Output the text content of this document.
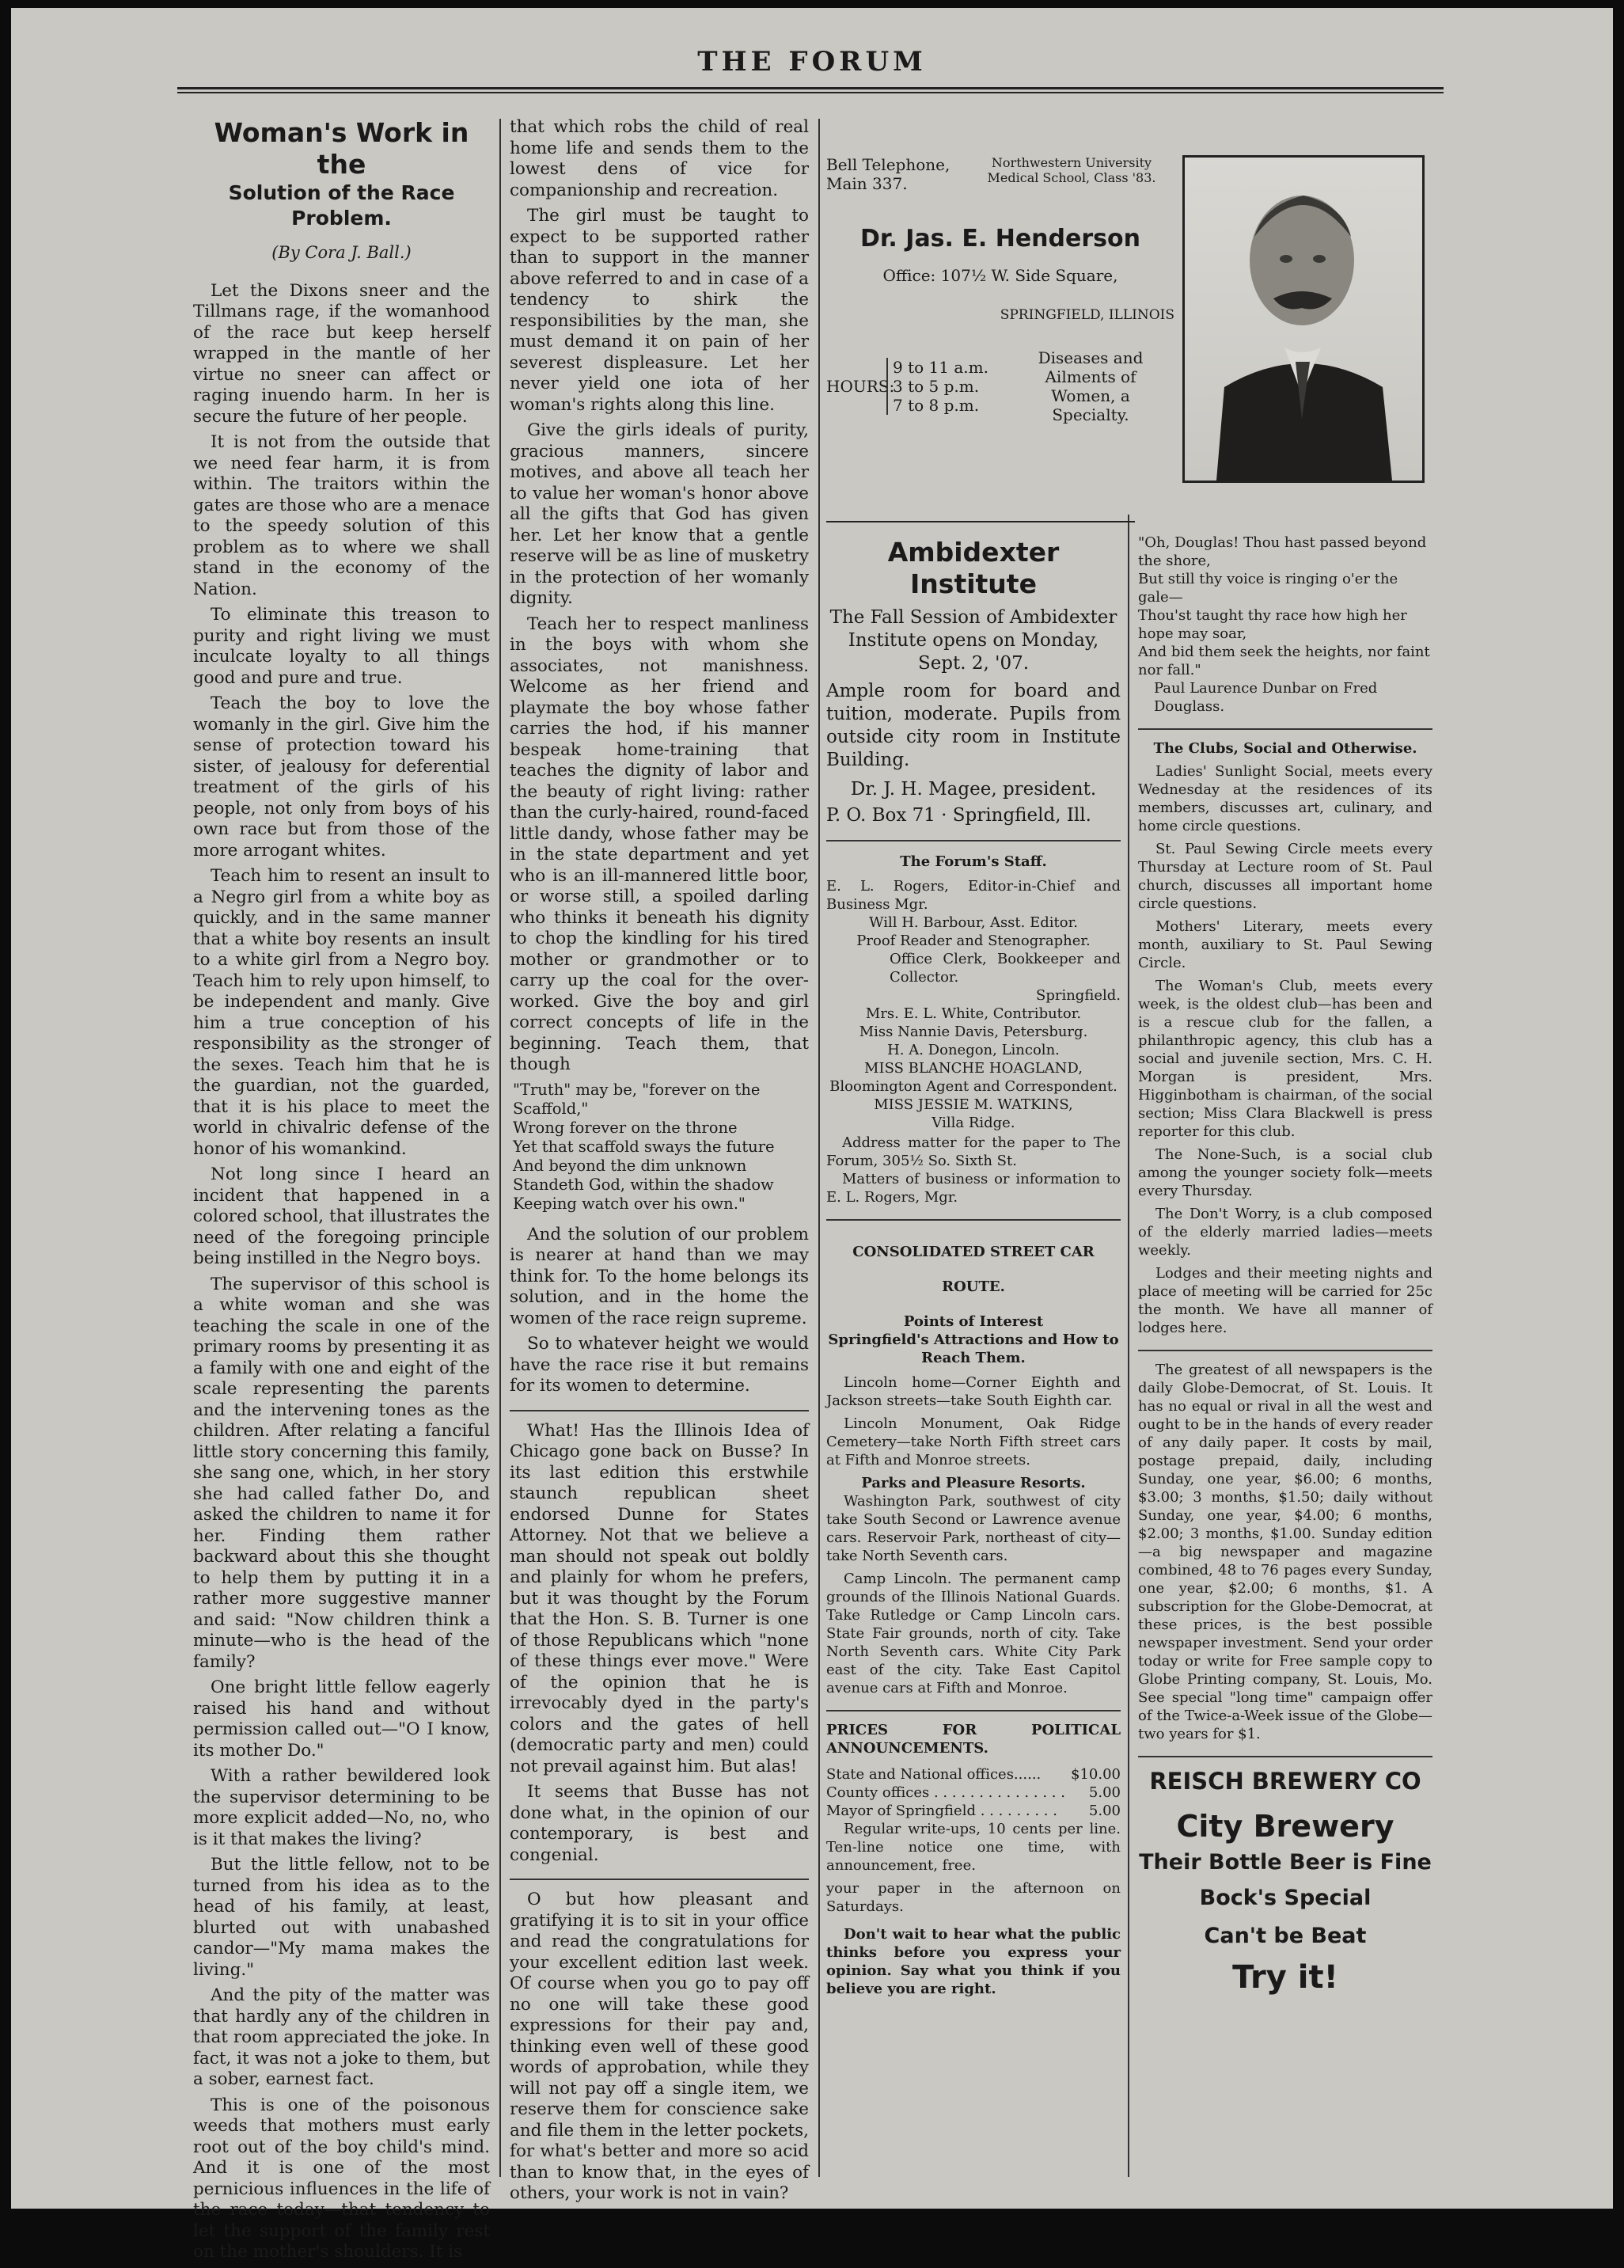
THE FORUM
Woman's Work in the
Solution of the Race Problem.
(By Cora J. Ball.)

Let the Dixons sneer and the Tillmans rage, if the womanhood of the race but keep herself wrapped in the mantle of her virtue no sneer can affect or raging inuendo harm. In her is secure the future of her people.

It is not from the outside that we need fear harm, it is from within. The traitors within the gates are those who are a menace to the speedy solution of this problem as to where we shall stand in the economy of the Nation.

To eliminate this treason to purity and right living we must inculcate loyalty to all things good and pure and true.

Teach the boy to love the womanly in the girl. Give him the sense of protection toward his sister, of jealousy for deferential treatment of the girls of his people, not only from boys of his own race but from those of the more arrogant whites.

Teach him to resent an insult to a Negro girl from a white boy as quickly, and in the same manner that a white boy resents an insult to a white girl from a Negro boy. Teach him to rely upon himself, to be independent and manly. Give him a true conception of his responsibility as the stronger of the sexes. Teach him that he is the guardian, not the guarded, that it is his place to meet the world in chivalric defense of the honor of his womankind.

Not long since I heard an incident that happened in a colored school, that illustrates the need of the foregoing principle being instilled in the Negro boys.

The supervisor of this school is a white woman and she was teaching the scale in one of the primary rooms by presenting it as a family with one and eight of the scale representing the parents and the intervening tones as the children. After relating a fanciful little story concerning this family, she sang one, which, in her story she had called father Do, and asked the children to name it for her. Finding them rather backward about this she thought to help them by putting it in a rather more suggestive manner and said: "Now children think a minute—who is the head of the family?

One bright little fellow eagerly raised his hand and without permission called out—"O I know, its mother Do."

With a rather bewildered look the supervisor determining to be more explicit added—No, no, who is it that makes the living?

But the little fellow, not to be turned from his idea as to the head of his family, at least, blurted out with unabashed candor—"My mama makes the living."

And the pity of the matter was that hardly any of the children in that room appreciated the joke. In fact, it was not a joke to them, but a sober, earnest fact.

This is one of the poisonous weeds that mothers must early root out of the boy child's mind. And it is one of the most pernicious influences in the life of the race today—that tendency to let the support of the family rest on the mother's shoulders. It is

that which robs the child of real home life and sends them to the lowest dens of vice for companionship and recreation.

The girl must be taught to expect to be supported rather than to support in the manner above referred to and in case of a tendency to shirk the responsibilities by the man, she must demand it on pain of her severest displeasure. Let her never yield one iota of her woman's rights along this line.

Give the girls ideals of purity, gracious manners, sincere motives, and above all teach her to value her woman's honor above all the gifts that God has given her. Let her know that a gentle reserve will be as line of musketry in the protection of her womanly dignity.

Teach her to respect manliness in the boys with whom she associates, not manishness. Welcome as her friend and playmate the boy whose father carries the hod, if his manner bespeak home-training that teaches the dignity of labor and the beauty of right living: rather than the curly-haired, round-faced little dandy, whose father may be in the state department and yet who is an ill-mannered little boor, or worse still, a spoiled darling who thinks it beneath his dignity to chop the kindling for his tired mother or grandmother or to carry up the coal for the over-worked. Give the boy and girl correct concepts of life in the beginning. Teach them, that though

"Truth" may be, "forever on the Scaffold,"
Wrong forever on the throne
Yet that scaffold sways the future
And beyond the dim unknown
Standeth God, within the shadow
Keeping watch over his own."

And the solution of our problem is nearer at hand than we may think for. To the home belongs its solution, and in the home the women of the race reign supreme.

So to whatever height we would have the race rise it but remains for its women to determine.

What! Has the Illinois Idea of Chicago gone back on Busse? In its last edition this erstwhile staunch republican sheet endorsed Dunne for States Attorney. Not that we believe a man should not speak out boldly and plainly for whom he prefers, but it was thought by the Forum that the Hon. S. B. Turner is one of those Republicans which "none of these things ever move." Were of the opinion that he is irrevocably dyed in the party's colors and the gates of hell (democratic party and men) could not prevail against him. But alas!

It seems that Busse has not done what, in the opinion of our contemporary, is best and congenial.

O but how pleasant and gratifying it is to sit in your office and read the congratulations for your excellent edition last week. Of course when you go to pay off no one will take these good expressions for their pay and, thinking even well of these good words of approbation, while they will not pay off a single item, we reserve them for conscience sake and file them in the letter pockets, for what's better and more so acid than to know that, in the eyes of others, your work is not in vain?

Bell Telephone, Main 337.
Northwestern University Medical School, Class '83.
Dr. Jas. E. Henderson
Office: 107½ W. Side Square,
SPRINGFIELD, ILLINOIS
HOURS:
9 to 11 a.m.
3 to 5 p.m.
7 to 8 p.m.
Diseases and Ailments of Women, a Specialty.
Ambidexter Institute
The Fall Session of Ambidexter Institute opens on Monday, Sept. 2, '07.
Ample room for board and tuition, moderate. Pupils from outside city room in Institute Building.
Dr. J. H. Magee, president.
P. O. Box 71 · Springfield, Ill.
The Forum's Staff.
E. L. Rogers, Editor-in-Chief and Business Mgr.
Will H. Barbour, Asst. Editor.
Proof Reader and Stenographer.
Office Clerk, Bookkeeper and Collector.
Springfield.
Mrs. E. L. White, Contributor.
Miss Nannie Davis, Petersburg.
H. A. Donegon, Lincoln.
MISS BLANCHE HOAGLAND,
Bloomington Agent and Correspondent.
MISS JESSIE M. WATKINS,
Villa Ridge.
Address matter for the paper to The Forum, 305½ So. Sixth St.
Matters of business or information to E. L. Rogers, Mgr.
CONSOLIDATED STREET CAR ROUTE.
Points of Interest
Springfield's Attractions and How to Reach Them.

Lincoln home—Corner Eighth and Jackson streets—take South Eighth car.

Lincoln Monument, Oak Ridge Cemetery—take North Fifth street cars at Fifth and Monroe streets.

Parks and Pleasure Resorts.

Washington Park, southwest of city take South Second or Lawrence avenue cars. Reservoir Park, northeast of city—take North Seventh cars.

Camp Lincoln. The permanent camp grounds of the Illinois National Guards. Take Rutledge or Camp Lincoln cars. State Fair grounds, north of city. Take North Seventh cars. White City Park east of the city. Take East Capitol avenue cars at Fifth and Monroe.

PRICES FOR POLITICAL ANNOUNCEMENTS.
State and National offices...... $10.00
County offices . . . . . . . . . . . . . . . 5.00
Mayor of Springfield . . . . . . . . . 5.00

Regular write-ups, 10 cents per line. Ten-line notice one time, with announcement, free.

your paper in the afternoon on Saturdays.

Don't wait to hear what the public thinks before you express your opinion. Say what you think if you believe you are right.

"Oh, Douglas! Thou hast passed beyond the shore,
But still thy voice is ringing o'er the gale—
Thou'st taught thy race how high her hope may soar,
And bid them seek the heights, nor faint nor fall."
Paul Laurence Dunbar on Fred Douglass.
The Clubs, Social and Otherwise.

Ladies' Sunlight Social, meets every Wednesday at the residences of its members, discusses art, culinary, and home circle questions.

St. Paul Sewing Circle meets every Thursday at Lecture room of St. Paul church, discusses all important home circle questions.

Mothers' Literary, meets every month, auxiliary to St. Paul Sewing Circle.

The Woman's Club, meets every week, is the oldest club—has been and is a rescue club for the fallen, a philanthropic agency, this club has a social and juvenile section, Mrs. C. H. Morgan is president, Mrs. Higginbotham is chairman, of the social section; Miss Clara Blackwell is press reporter for this club.

The None-Such, is a social club among the younger society folk—meets every Thursday.

The Don't Worry, is a club composed of the elderly married ladies—meets weekly.

Lodges and their meeting nights and place of meeting will be carried for 25c the month. We have all manner of lodges here.

The greatest of all newspapers is the daily Globe-Democrat, of St. Louis. It has no equal or rival in all the west and ought to be in the hands of every reader of any daily paper. It costs by mail, postage prepaid, daily, including Sunday, one year, $6.00; 6 months, $3.00; 3 months, $1.50; daily without Sunday, one year, $4.00; 6 months, $2.00; 3 months, $1.00. Sunday edition—a big newspaper and magazine combined, 48 to 76 pages every Sunday, one year, $2.00; 6 months, $1. A subscription for the Globe-Democrat, at these prices, is the best possible newspaper investment. Send your order today or write for Free sample copy to Globe Printing company, St. Louis, Mo. See special "long time" campaign offer of the Twice-a-Week issue of the Globe—two years for $1.

REISCH BREWERY CO
City Brewery
Their Bottle Beer is Fine
Bock's Special
Can't be Beat
Try it!
